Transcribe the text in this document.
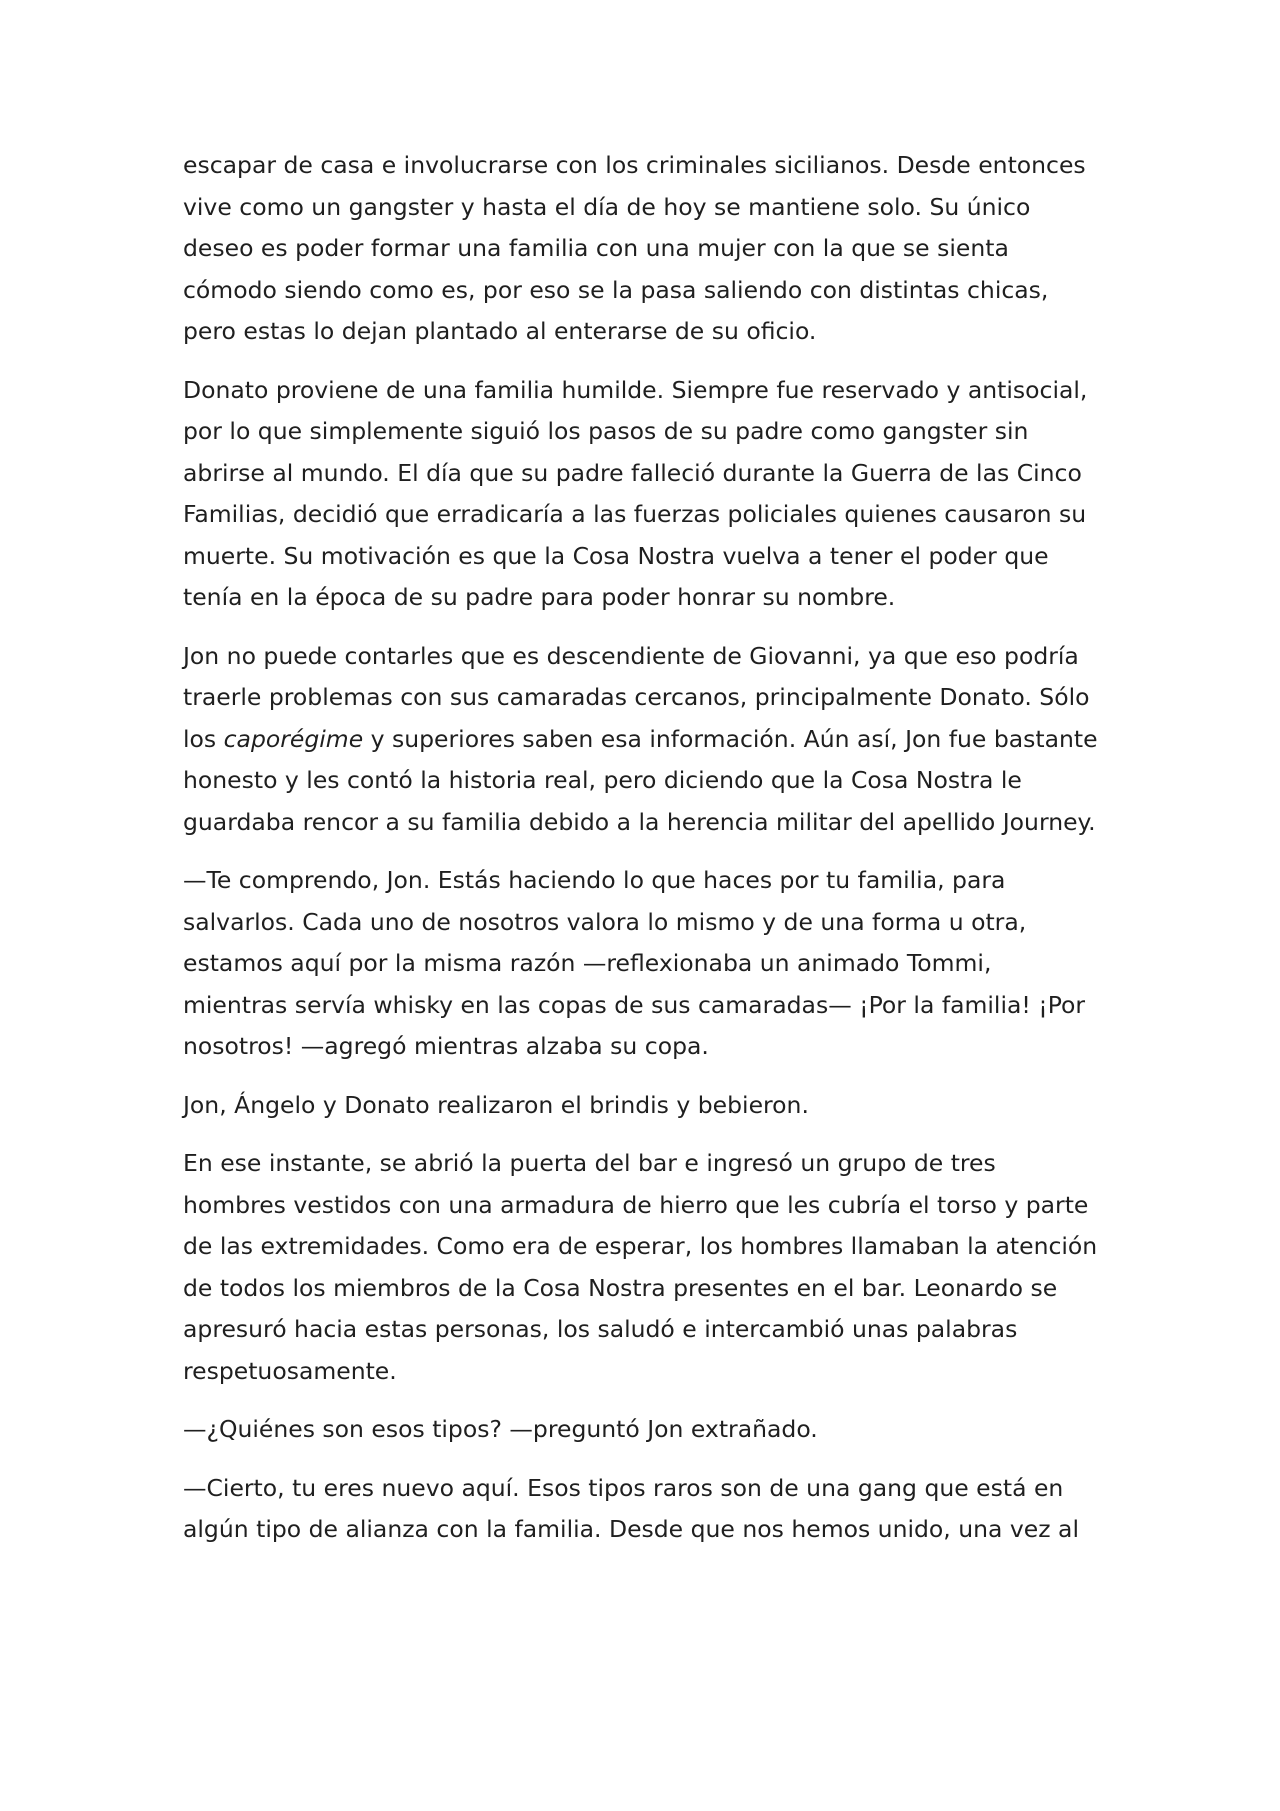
escapar de casa e involucrarse con los criminales sicilianos. Desde entonces vive como un gangster y hasta el día de hoy se mantiene solo. Su único deseo es poder formar una familia con una mujer con la que se sienta cómodo siendo como es, por eso se la pasa saliendo con distintas chicas, pero estas lo dejan plantado al enterarse de su oficio.

Donato proviene de una familia humilde. Siempre fue reservado y antisocial, por lo que simplemente siguió los pasos de su padre como gangster sin abrirse al mundo. El día que su padre falleció durante la Guerra de las Cinco Familias, decidió que erradicaría a las fuerzas policiales quienes causaron su muerte. Su motivación es que la Cosa Nostra vuelva a tener el poder que tenía en la época de su padre para poder honrar su nombre.

Jon no puede contarles que es descendiente de Giovanni, ya que eso podría traerle problemas con sus camaradas cercanos, principalmente Donato. Sólo los caporégime y superiores saben esa información. Aún así, Jon fue bastante honesto y les contó la historia real, pero diciendo que la Cosa Nostra le guardaba rencor a su familia debido a la herencia militar del apellido Journey.

—Te comprendo, Jon. Estás haciendo lo que haces por tu familia, para salvarlos. Cada uno de nosotros valora lo mismo y de una forma u otra, estamos aquí por la misma razón —reflexionaba un animado Tommi, mientras servía whisky en las copas de sus camaradas— ¡Por la familia! ¡Por nosotros! —agregó mientras alzaba su copa.

Jon, Ángelo y Donato realizaron el brindis y bebieron.

En ese instante, se abrió la puerta del bar e ingresó un grupo de tres hombres vestidos con una armadura de hierro que les cubría el torso y parte de las extremidades. Como era de esperar, los hombres llamaban la atención de todos los miembros de la Cosa Nostra presentes en el bar. Leonardo se apresuró hacia estas personas, los saludó e intercambió unas palabras respetuosamente.

—¿Quiénes son esos tipos? —preguntó Jon extrañado.

—Cierto, tu eres nuevo aquí. Esos tipos raros son de una gang que está en algún tipo de alianza con la familia. Desde que nos hemos unido, una vez al
